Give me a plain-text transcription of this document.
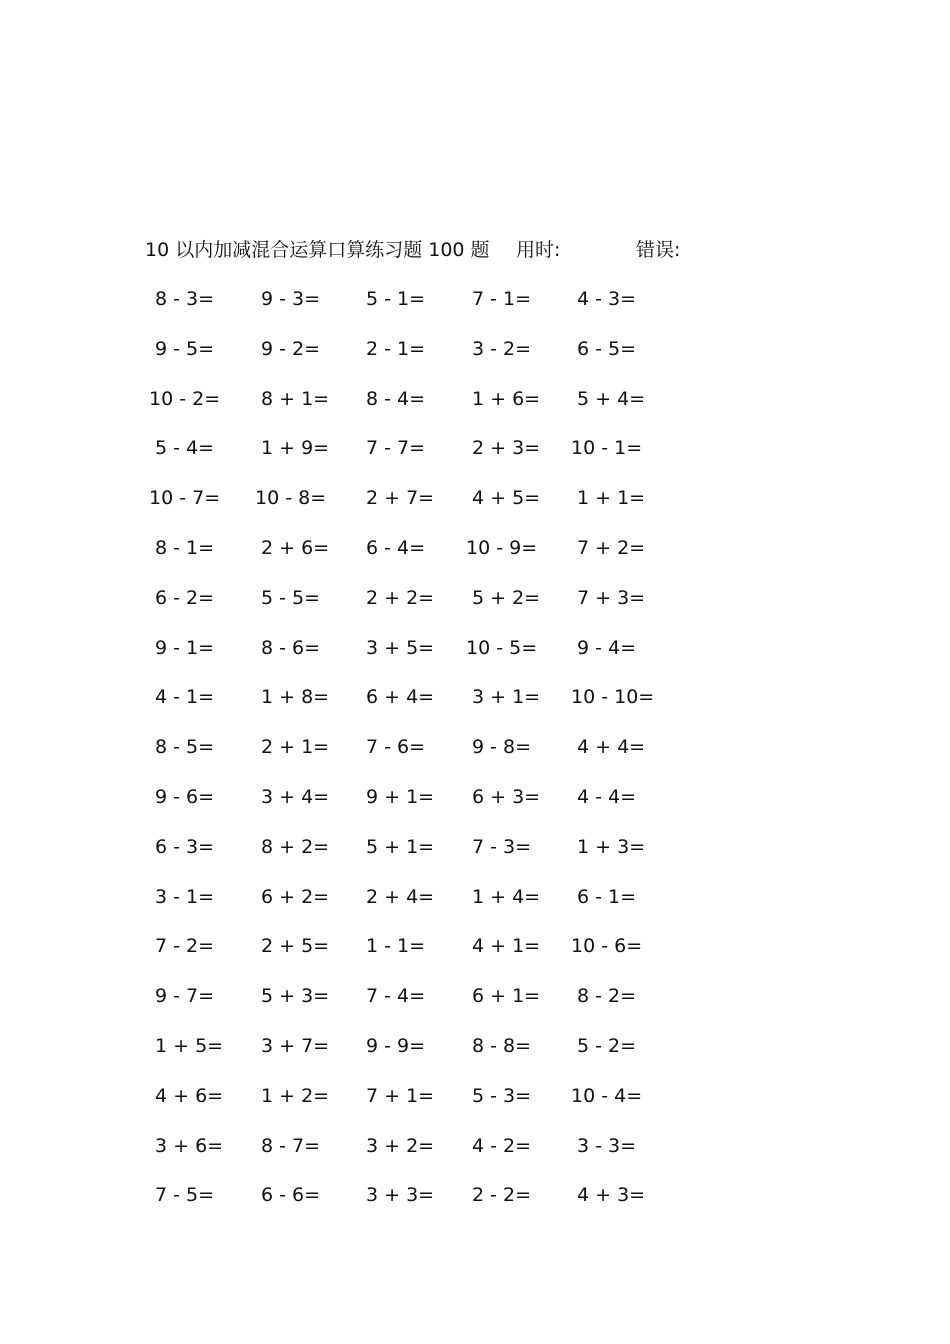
10 以内加减混合运算口算练习题 100 题 用时:	错误:
8 - 3= 9 - 3= 5 - 1= 7 - 1= 4 - 3=
9 - 5= 9 - 2= 2 - 1= 3 - 2= 6 - 5=
10 - 2= 8 + 1= 8 - 4= 1 + 6= 5 + 4=
5 - 4= 1 + 9= 7 - 7= 2 + 3= 10 - 1=
10 - 7= 10 - 8= 2 + 7= 4 + 5= 1 + 1=
8 - 1= 2 + 6= 6 - 4= 10 - 9= 7 + 2=
6 - 2= 5 - 5= 2 + 2= 5 + 2= 7 + 3=
9 - 1= 8 - 6= 3 + 5= 10 - 5= 9 - 4=
4 - 1= 1 + 8= 6 + 4= 3 + 1= 10 - 10=
8 - 5= 2 + 1= 7 - 6= 9 - 8= 4 + 4=
9 - 6= 3 + 4= 9 + 1= 6 + 3= 4 - 4=
6 - 3= 8 + 2= 5 + 1= 7 - 3= 1 + 3=
3 - 1= 6 + 2= 2 + 4= 1 + 4= 6 - 1=
7 - 2= 2 + 5= 1 - 1= 4 + 1= 10 - 6=
9 - 7= 5 + 3= 7 - 4= 6 + 1= 8 - 2=
1 + 5= 3 + 7= 9 - 9= 8 - 8= 5 - 2=
4 + 6= 1 + 2= 7 + 1= 5 - 3= 10 - 4=
3 + 6= 8 - 7= 3 + 2= 4 - 2= 3 - 3=
7 - 5= 6 - 6= 3 + 3= 2 - 2= 4 + 3=
